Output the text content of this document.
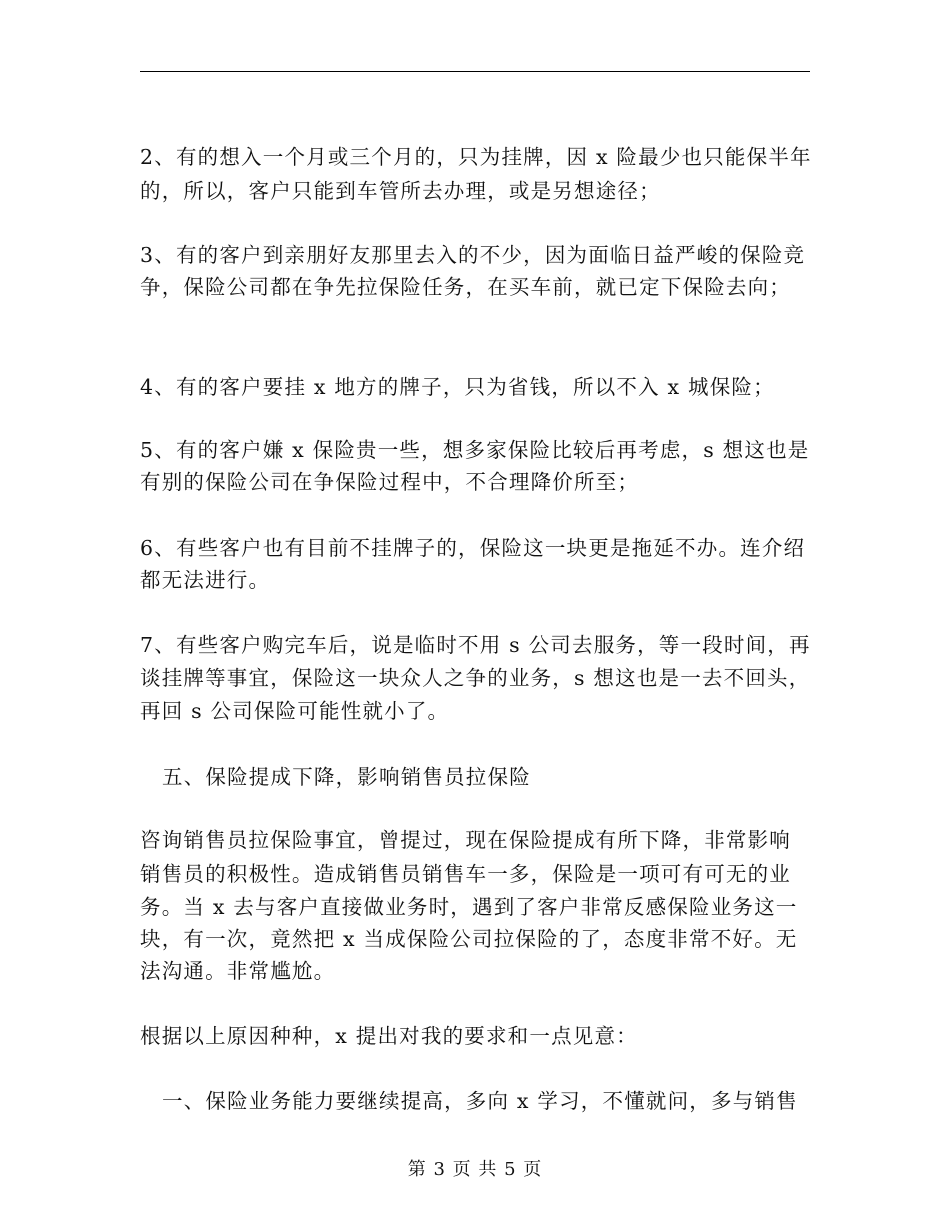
2、有的想入一个月或三个月的，只为挂牌，因 x 险最少也只能保半年
的，所以，客户只能到车管所去办理，或是另想途径；
3、有的客户到亲朋好友那里去入的不少，因为面临日益严峻的保险竞
争，保险公司都在争先拉保险任务，在买车前，就已定下保险去向；
4、有的客户要挂 x 地方的牌子，只为省钱，所以不入 x 城保险；
5、有的客户嫌 x 保险贵一些，想多家保险比较后再考虑，s 想这也是
有别的保险公司在争保险过程中，不合理降价所至；
6、有些客户也有目前不挂牌子的，保险这一块更是拖延不办。连介绍
都无法进行。
7、有些客户购完车后，说是临时不用 s 公司去服务，等一段时间，再
谈挂牌等事宜，保险这一块众人之争的业务，s 想这也是一去不回头，
再回 s 公司保险可能性就小了。
五、保险提成下降，影响销售员拉保险
咨询销售员拉保险事宜，曾提过，现在保险提成有所下降，非常影响
销售员的积极性。造成销售员销售车一多，保险是一项可有可无的业
务。当 x 去与客户直接做业务时，遇到了客户非常反感保险业务这一
块，有一次，竟然把 x 当成保险公司拉保险的了，态度非常不好。无
法沟通。非常尴尬。
根据以上原因种种，x 提出对我的要求和一点见意：
一、保险业务能力要继续提高，多向 x 学习，不懂就问，多与销售
第 3 页 共 5 页
